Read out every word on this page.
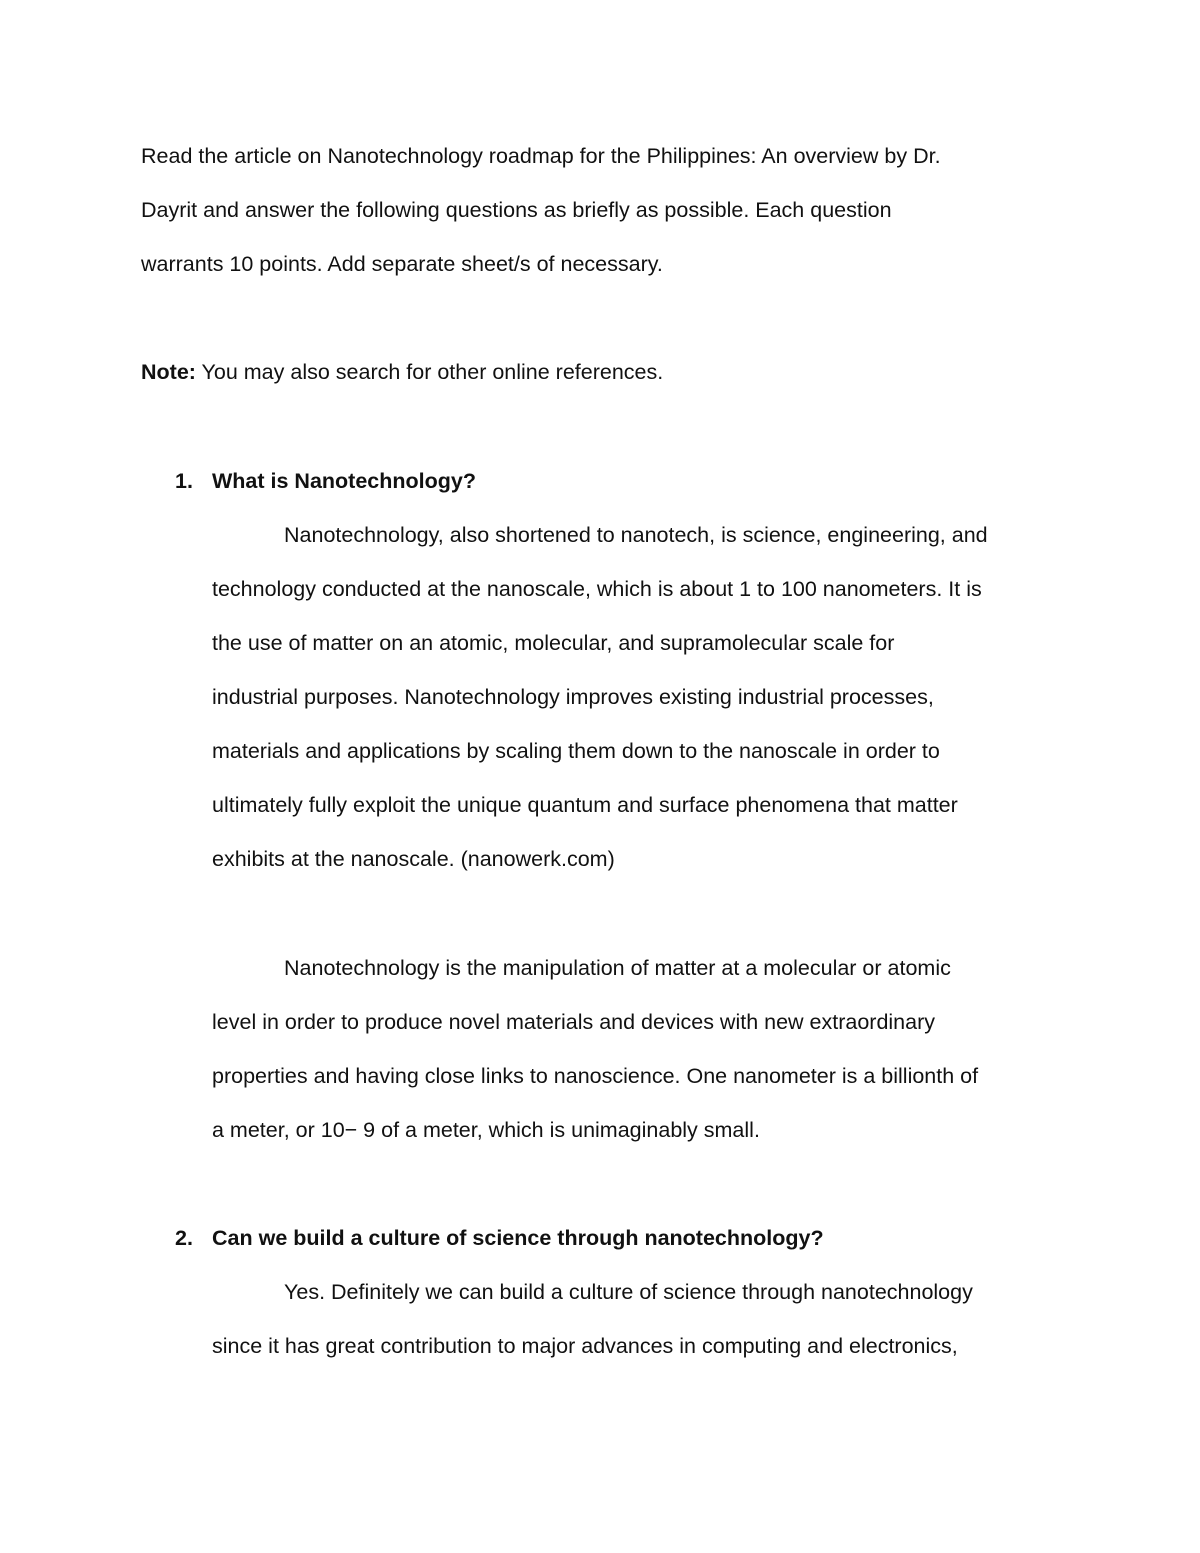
Read the article on Nanotechnology roadmap for the Philippines: An overview by Dr.
Dayrit and answer the following questions as briefly as possible. Each question
warrants 10 points. Add separate sheet/s of necessary.
Note: You may also search for other online references.
1. What is Nanotechnology?
Nanotechnology, also shortened to nanotech, is science, engineering, and
technology conducted at the nanoscale, which is about 1 to 100 nanometers. It is
the use of matter on an atomic, molecular, and supramolecular scale for
industrial purposes. Nanotechnology improves existing industrial processes,
materials and applications by scaling them down to the nanoscale in order to
ultimately fully exploit the unique quantum and surface phenomena that matter
exhibits at the nanoscale. (nanowerk.com)
Nanotechnology is the manipulation of matter at a molecular or atomic
level in order to produce novel materials and devices with new extraordinary
properties and having close links to nanoscience. One nanometer is a billionth of
a meter, or 10− 9 of a meter, which is unimaginably small.
2. Can we build a culture of science through nanotechnology?
Yes. Definitely we can build a culture of science through nanotechnology
since it has great contribution to major advances in computing and electronics,
